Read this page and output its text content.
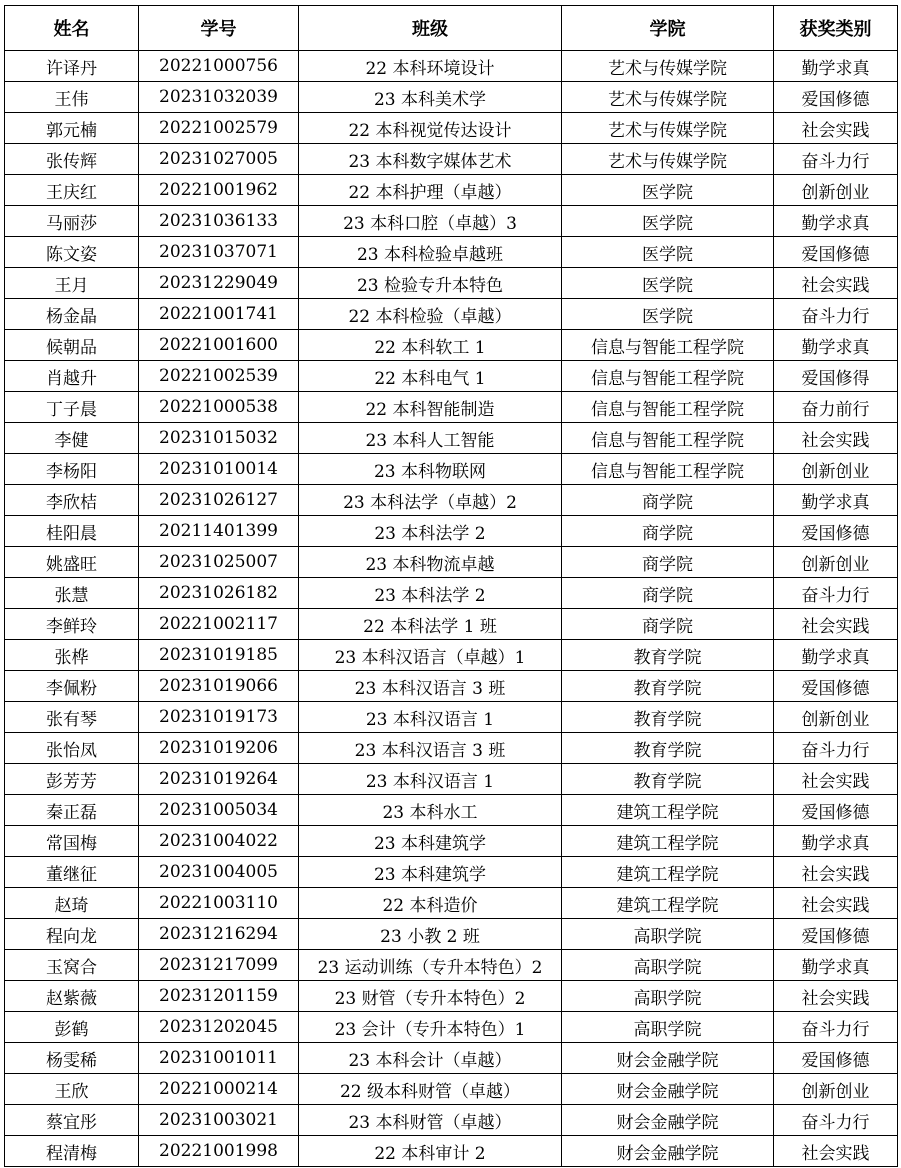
姓名	学号	班级	学院	获奖类别
许译丹	20221000756	22 本科环境设计	艺术与传媒学院	勤学求真
王伟	20231032039	23 本科美术学	艺术与传媒学院	爱国修德
郭元楠	20221002579	22 本科视觉传达设计	艺术与传媒学院	社会实践
张传辉	20231027005	23 本科数字媒体艺术	艺术与传媒学院	奋斗力行
王庆红	20221001962	22 本科护理（卓越）	医学院	创新创业
马丽莎	20231036133	23 本科口腔（卓越）3	医学院	勤学求真
陈文姿	20231037071	23 本科检验卓越班	医学院	爱国修德
王月	20231229049	23 检验专升本特色	医学院	社会实践
杨金晶	20221001741	22 本科检验（卓越）	医学院	奋斗力行
候朝品	20221001600	22 本科软工 1	信息与智能工程学院	勤学求真
肖越升	20221002539	22 本科电气 1	信息与智能工程学院	爱国修得
丁子晨	20221000538	22 本科智能制造	信息与智能工程学院	奋力前行
李健	20231015032	23 本科人工智能	信息与智能工程学院	社会实践
李杨阳	20231010014	23 本科物联网	信息与智能工程学院	创新创业
李欣桔	20231026127	23 本科法学（卓越）2	商学院	勤学求真
桂阳晨	20211401399	23 本科法学 2	商学院	爱国修德
姚盛旺	20231025007	23 本科物流卓越	商学院	创新创业
张慧	20231026182	23 本科法学 2	商学院	奋斗力行
李鲜玲	20221002117	22 本科法学 1 班	商学院	社会实践
张桦	20231019185	23 本科汉语言（卓越）1	教育学院	勤学求真
李佩粉	20231019066	23 本科汉语言 3 班	教育学院	爱国修德
张有琴	20231019173	23 本科汉语言 1	教育学院	创新创业
张怡凤	20231019206	23 本科汉语言 3 班	教育学院	奋斗力行
彭芳芳	20231019264	23 本科汉语言 1	教育学院	社会实践
秦正磊	20231005034	23 本科水工	建筑工程学院	爱国修德
常国梅	20231004022	23 本科建筑学	建筑工程学院	勤学求真
董继征	20231004005	23 本科建筑学	建筑工程学院	社会实践
赵琦	20221003110	22 本科造价	建筑工程学院	社会实践
程向龙	20231216294	23 小教 2 班	高职学院	爱国修德
玉窝合	20231217099	23 运动训练（专升本特色）2	高职学院	勤学求真
赵紫薇	20231201159	23 财管（专升本特色）2	高职学院	社会实践
彭鹤	20231202045	23 会计（专升本特色）1	高职学院	奋斗力行
杨雯稀	20231001011	23 本科会计（卓越）	财会金融学院	爱国修德
王欣	20221000214	22 级本科财管（卓越）	财会金融学院	创新创业
蔡宜彤	20231003021	23 本科财管（卓越）	财会金融学院	奋斗力行
程清梅	20221001998	22 本科审计 2	财会金融学院	社会实践
